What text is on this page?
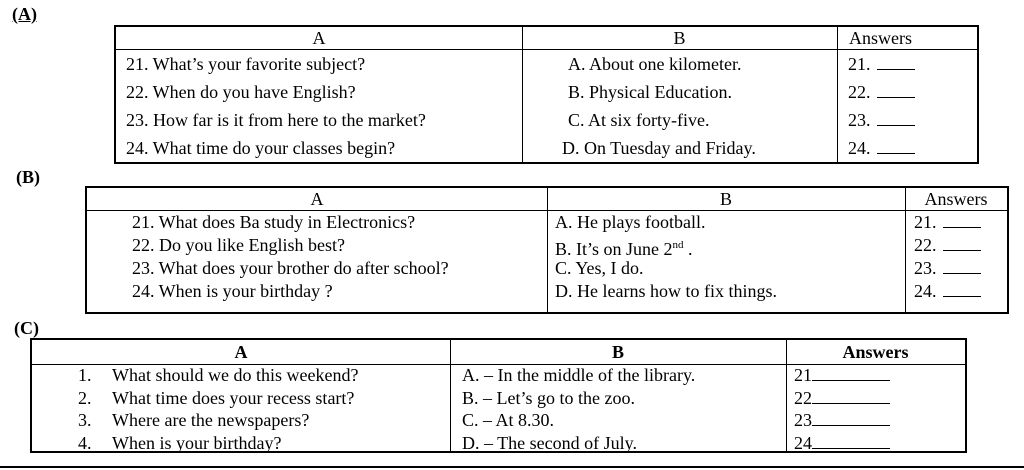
(A)
A	B	Answers
21. What’s your favorite subject?	A. About one kilometer.	21.
22. When do you have English?	B. Physical Education.	22.
23. How far is it from here to the market?	C. At six forty-five.	23.
24. What time do your classes begin?	D. On Tuesday and Friday.	24.
(B)
A	B	Answers
21. What does Ba study in Electronics?	A. He plays football.	21.
22. Do you like English best?	B. It’s on June 2nd .	22.
23. What does your brother do after school?	C. Yes, I do.	23.
24. When is your birthday ?	D. He learns how to fix things.	24.
(C)
A	B	Answers
1. What should we do this weekend?	A. – In the middle of the library.	21
2. What time does your recess start?	B. – Let’s go to the zoo.	22
3. Where are the newspapers?	C. – At 8.30.	23
4. When is your birthday?	D. – The second of July.	24
